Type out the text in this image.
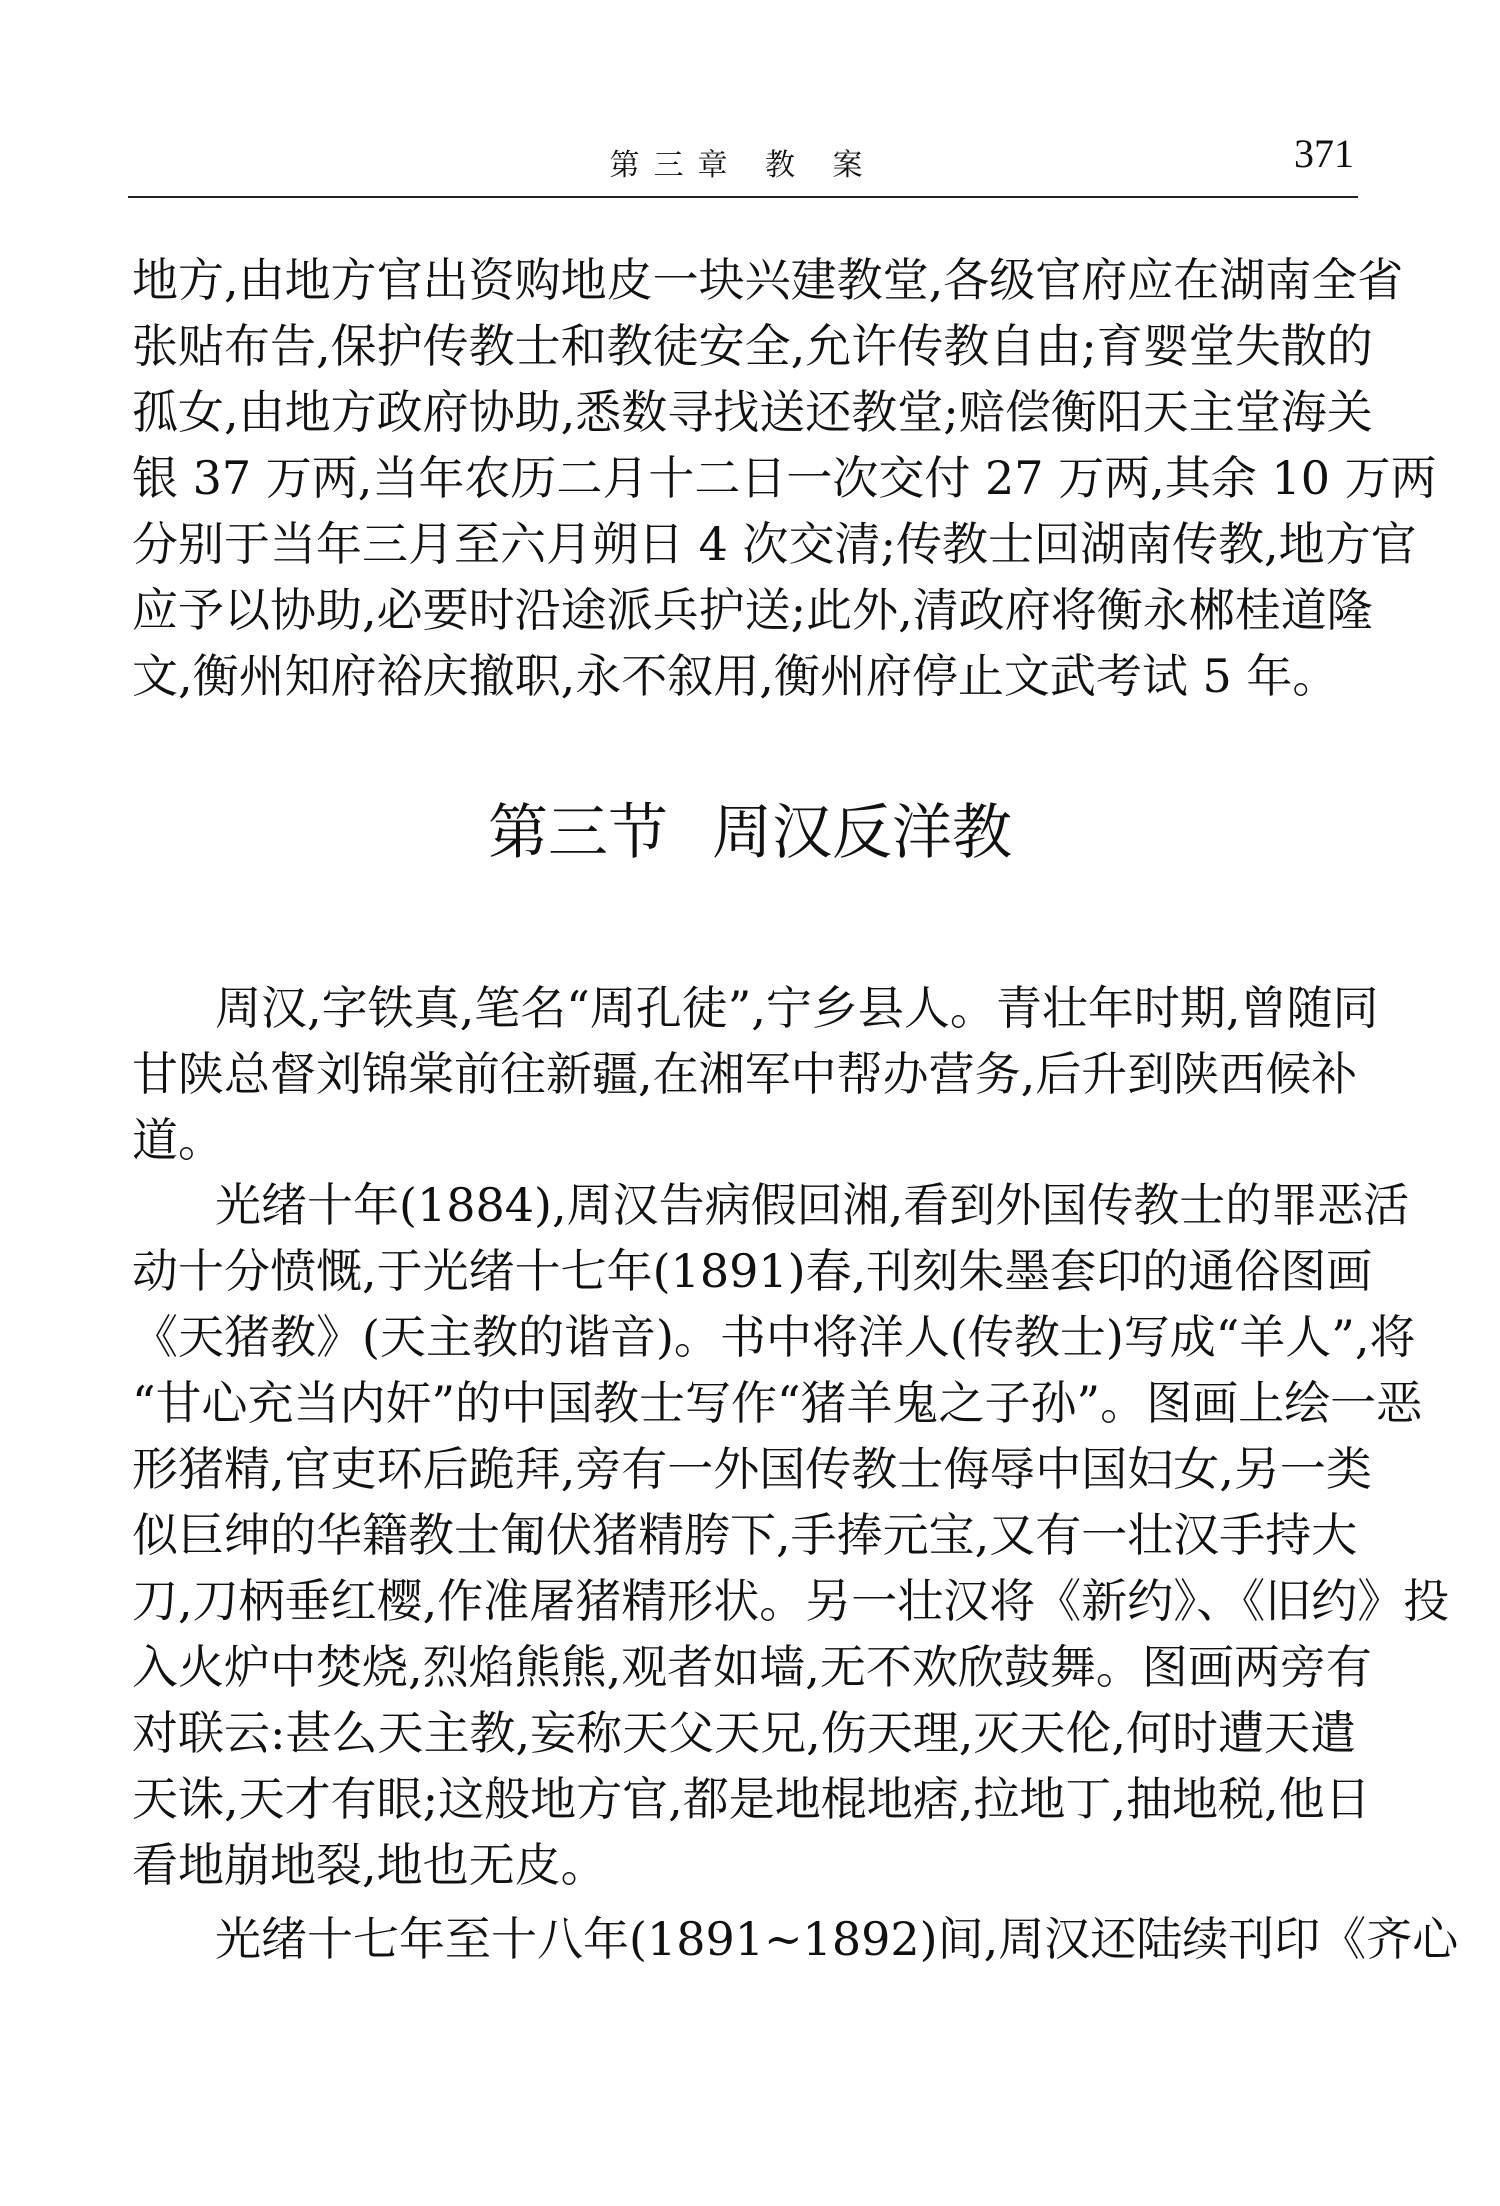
第三章 教 案	371
第三节 周汉反洋教
地方,由地方官出资购地皮一块兴建教堂,各级官府应在湖南全省
张贴布告,保护传教士和教徒安全,允许传教自由;育婴堂失散的
孤女,由地方政府协助,悉数寻找送还教堂;赔偿衡阳天主堂海关
银 37 万两,当年农历二月十二日一次交付 27 万两,其余 10 万两
分别于当年三月至六月朔日 4 次交清;传教士回湖南传教,地方官
应予以协助,必要时沿途派兵护送;此外,清政府将衡永郴桂道隆
文,衡州知府裕庆撤职,永不叙用,衡州府停止文武考试 5 年。
周汉,字铁真,笔名“周孔徒”,宁乡县人。青壮年时期,曾随同
甘陕总督刘锦棠前往新疆,在湘军中帮办营务,后升到陕西候补
道。
光绪十年(1884),周汉告病假回湘,看到外国传教士的罪恶活
动十分愤慨,于光绪十七年(1891)春,刊刻朱墨套印的通俗图画
《天猪教》(天主教的谐音)。书中将洋人(传教士)写成“羊人”,将
“甘心充当内奸”的中国教士写作“猪羊鬼之子孙”。图画上绘一恶
形猪精,官吏环后跪拜,旁有一外国传教士侮辱中国妇女,另一类
似巨绅的华籍教士匍伏猪精胯下,手捧元宝,又有一壮汉手持大
刀,刀柄垂红樱,作准屠猪精形状。另一壮汉将《新约》、《旧约》投
入火炉中焚烧,烈焰熊熊,观者如墙,无不欢欣鼓舞。图画两旁有
对联云:甚么天主教,妄称天父天兄,伤天理,灭天伦,何时遭天遣
天诛,天才有眼;这般地方官,都是地棍地痞,拉地丁,抽地税,他日
看地崩地裂,地也无皮。
光绪十七年至十八年(1891~1892)间,周汉还陆续刊印《齐心
